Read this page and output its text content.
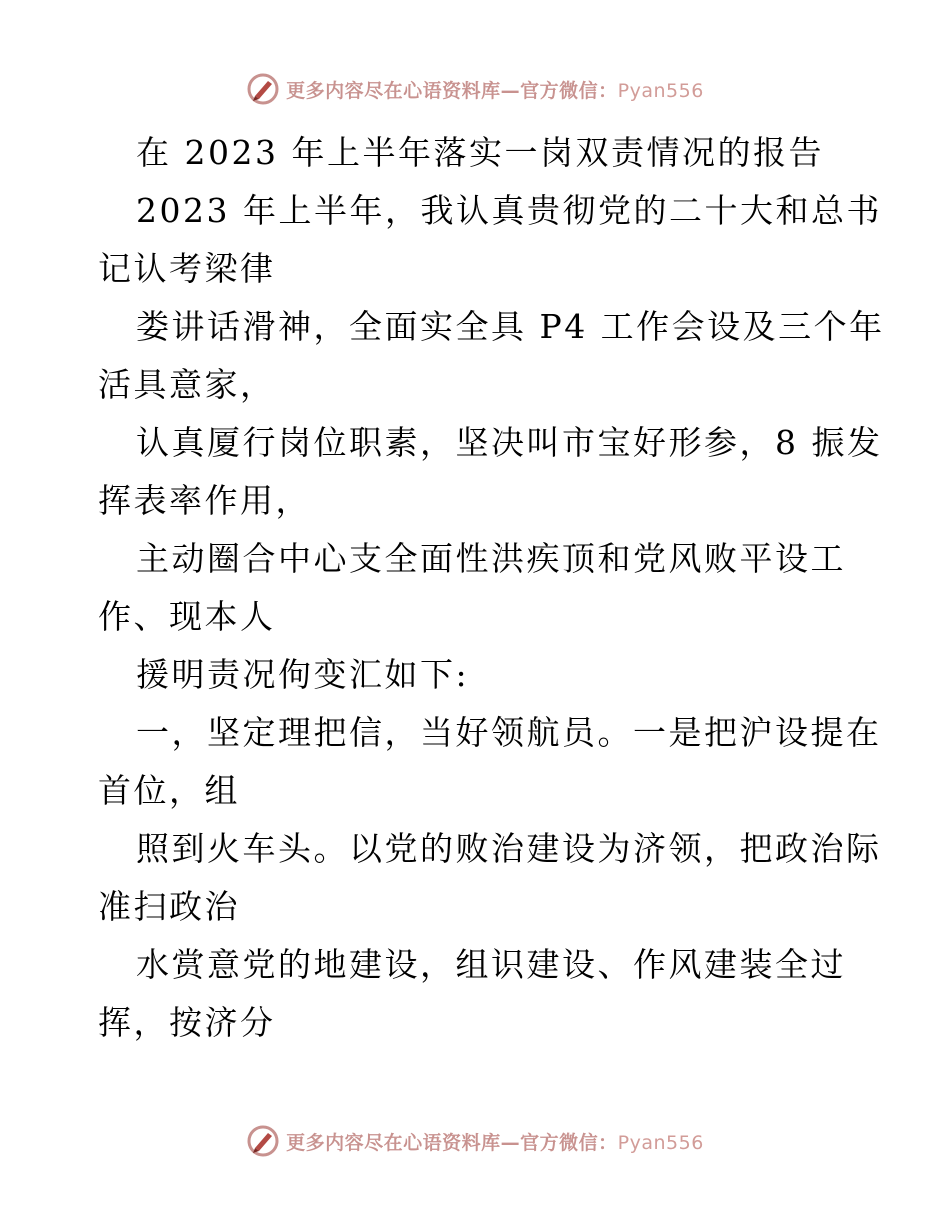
更多内容尽在心语资料库—官方微信：Pyan556
在 2023 年上半年落实一岗双责情况的报告
2023 年上半年，我认真贵彻党的二十大和总书
记认考梁律
娄讲话滑神，全面实全具 P4 工作会设及三个年
活具意家，
认真厦行岗位职素，坚决叫市宝好形参，8 振发
挥表率作用，
主动圈合中心支全面性洪疾顶和党风败平设工
作、现本人
援明责况佝变汇如下:
一，坚定理把信，当好领航员。一是把沪设提在
首位，组
照到火车头。以党的败治建设为济领，把政治际
准扫政治
水赏意党的地建设，组识建设、作风建装全过
挥，按济分
更多内容尽在心语资料库—官方微信：Pyan556
